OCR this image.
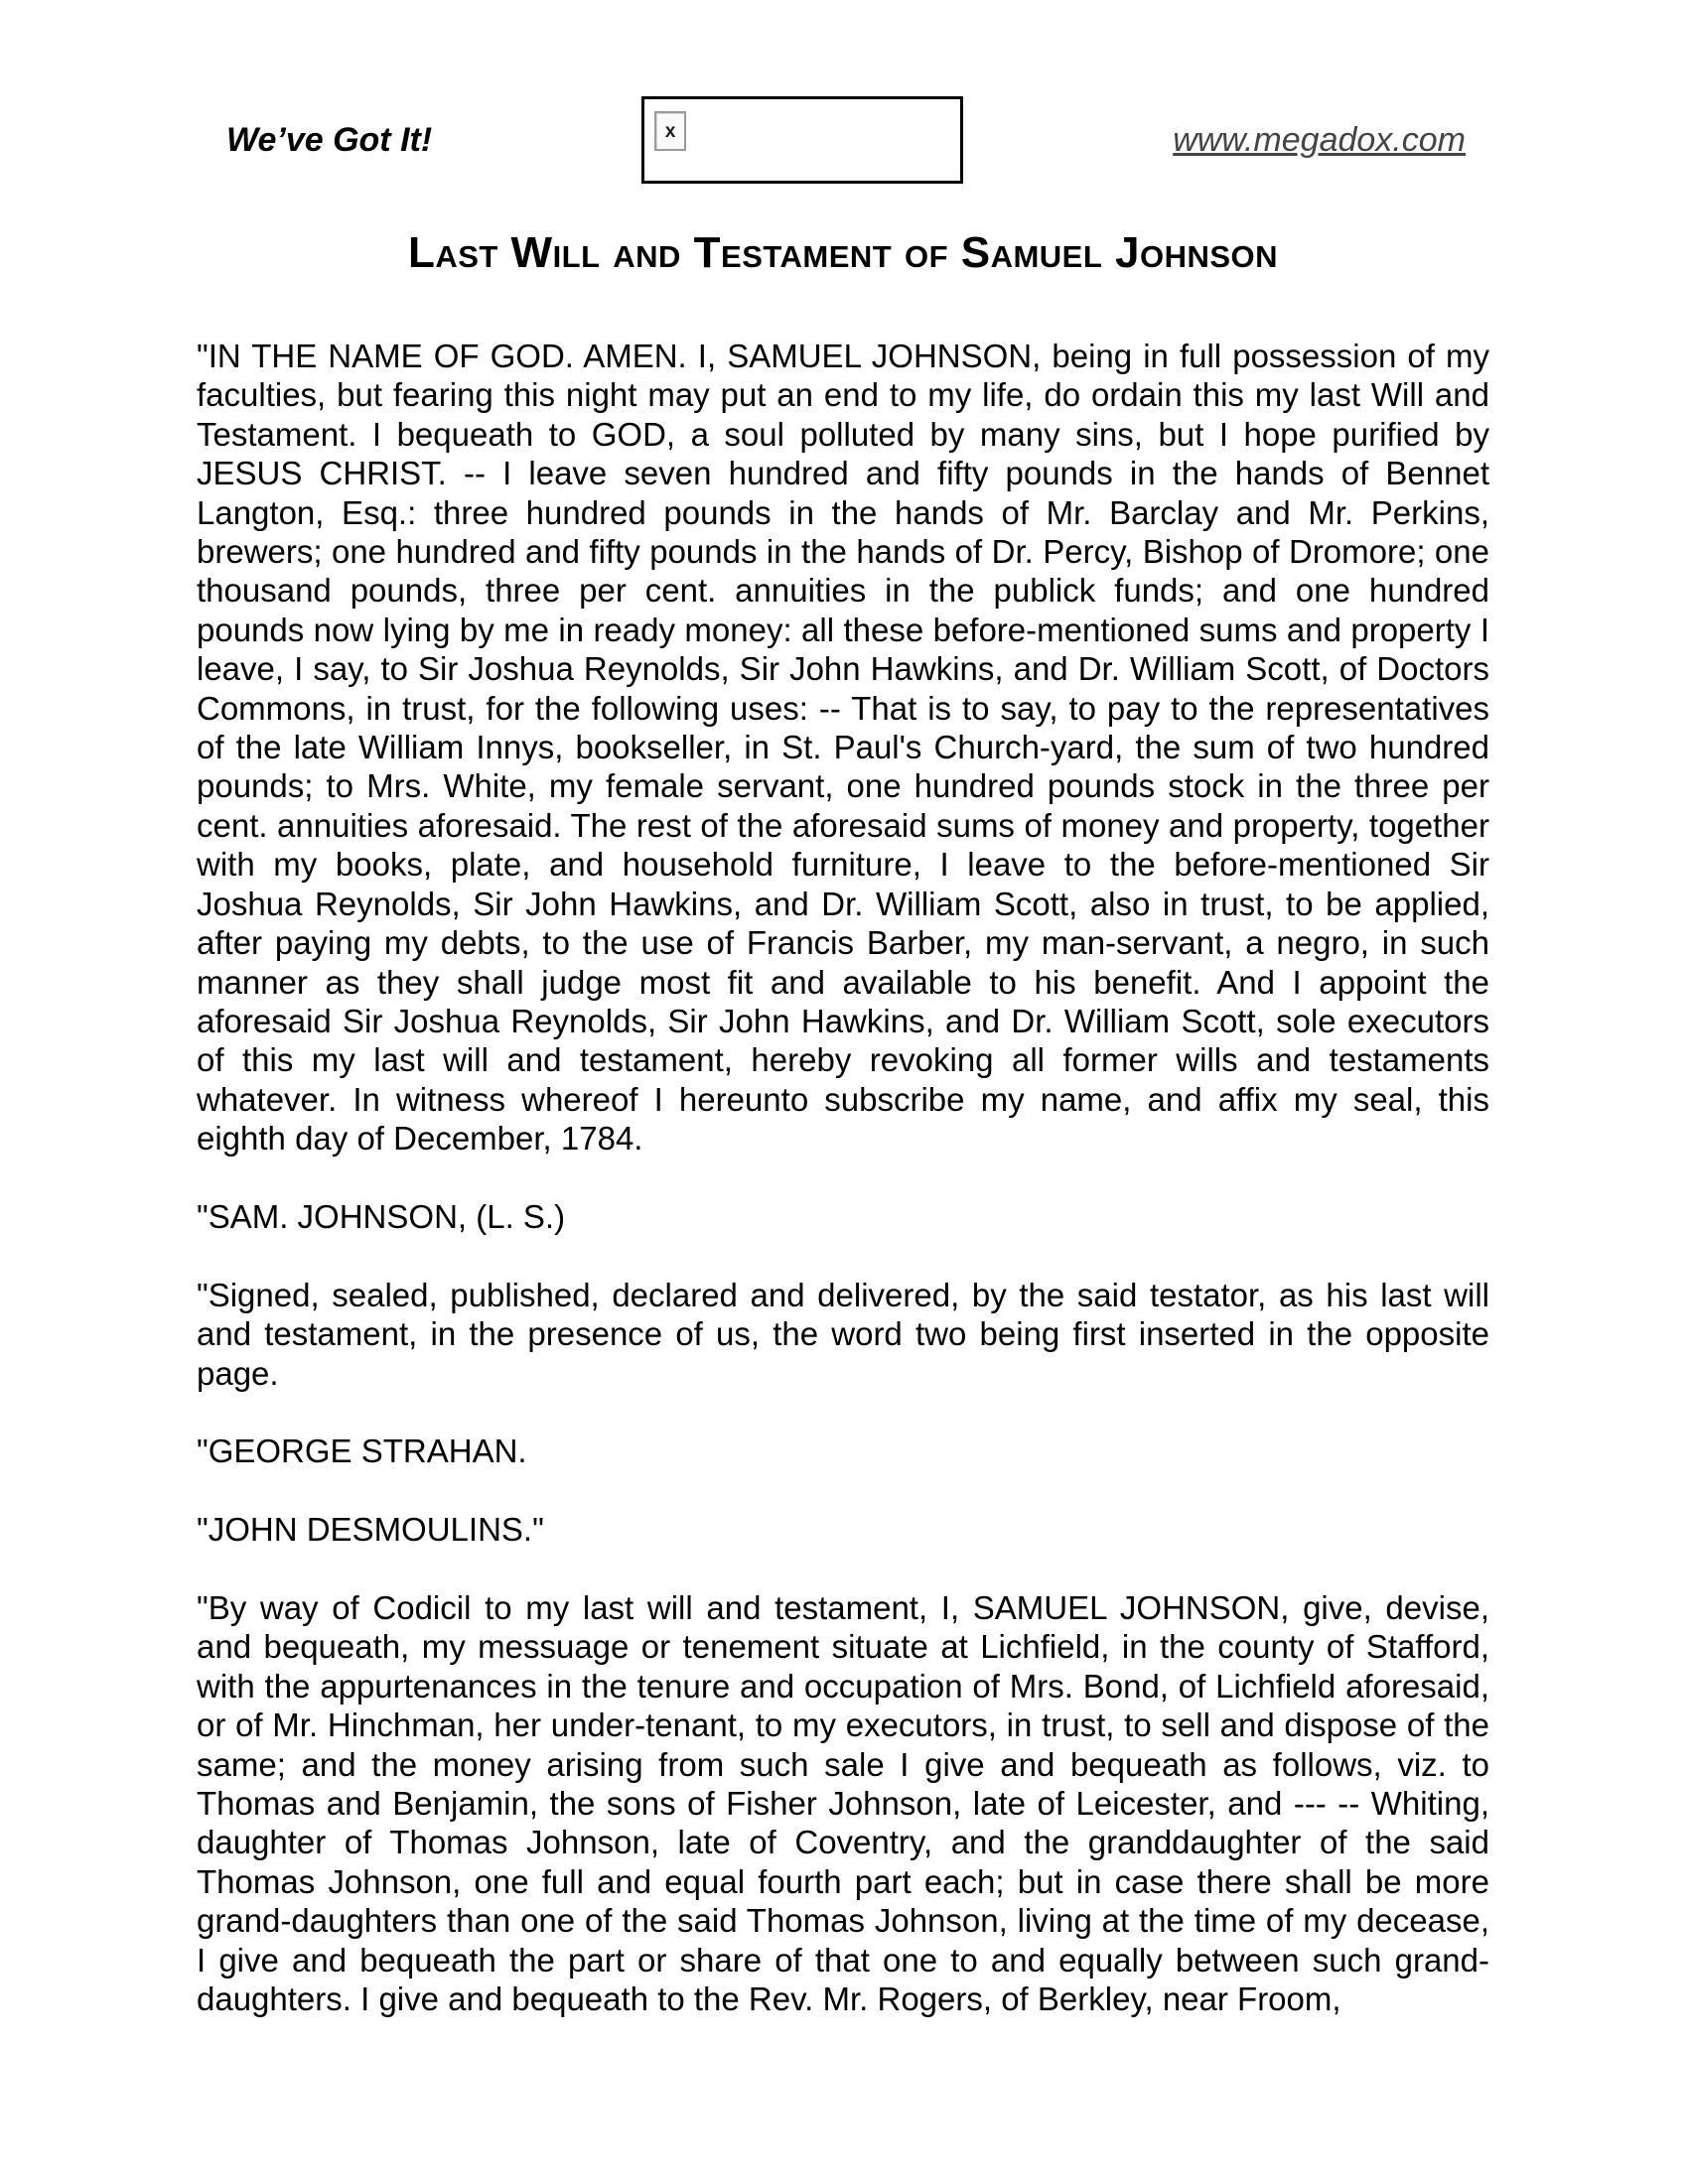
We’ve Got It!	x	www.megadox.com
Last Will and Testament of Samuel Johnson

"IN THE NAME OF GOD. AMEN. I, SAMUEL JOHNSON, being in full possession of my faculties, but fearing this night may put an end to my life, do ordain this my last Will and Testament. I bequeath to GOD, a soul polluted by many sins, but I hope purified by JESUS CHRIST. -- I leave seven hundred and fifty pounds in the hands of Bennet Langton, Esq.: three hundred pounds in the hands of Mr. Barclay and Mr. Perkins, brewers; one hundred and fifty pounds in the hands of Dr. Percy, Bishop of Dromore; one thousand pounds, three per cent. annuities in the publick funds; and one hundred pounds now lying by me in ready money: all these before-mentioned sums and property I leave, I say, to Sir Joshua Reynolds, Sir John Hawkins, and Dr. William Scott, of Doctors Commons, in trust, for the following uses: -- That is to say, to pay to the representatives of the late William Innys, bookseller, in St. Paul's Church-yard, the sum of two hundred pounds; to Mrs. White, my female servant, one hundred pounds stock in the three per cent. annuities aforesaid. The rest of the aforesaid sums of money and property, together with my books, plate, and household furniture, I leave to the before-mentioned Sir Joshua Reynolds, Sir John Hawkins, and Dr. William Scott, also in trust, to be applied, after paying my debts, to the use of Francis Barber, my man-servant, a negro, in such manner as they shall judge most fit and available to his benefit. And I appoint the aforesaid Sir Joshua Reynolds, Sir John Hawkins, and Dr. William Scott, sole executors of this my last will and testament, hereby revoking all former wills and testaments whatever. In witness whereof I hereunto subscribe my name, and affix my seal, this eighth day of December, 1784.

"SAM. JOHNSON, (L. S.)

"Signed, sealed, published, declared and delivered, by the said testator, as his last will and testament, in the presence of us, the word two being first inserted in the opposite page.

"GEORGE STRAHAN.

"JOHN DESMOULINS."

"By way of Codicil to my last will and testament, I, SAMUEL JOHNSON, give, devise, and bequeath, my messuage or tenement situate at Lichfield, in the county of Stafford, with the appurtenances in the tenure and occupation of Mrs. Bond, of Lichfield aforesaid, or of Mr. Hinchman, her under-tenant, to my executors, in trust, to sell and dispose of the same; and the money arising from such sale I give and bequeath as follows, viz. to Thomas and Benjamin, the sons of Fisher Johnson, late of Leicester, and --- -- Whiting, daughter of Thomas Johnson, late of Coventry, and the granddaughter of the said Thomas Johnson, one full and equal fourth part each; but in case there shall be more grand-daughters than one of the said Thomas Johnson, living at the time of my decease, I give and bequeath the part or share of that one to and equally between such grand-daughters. I give and bequeath to the Rev. Mr. Rogers, of Berkley, near Froom,
